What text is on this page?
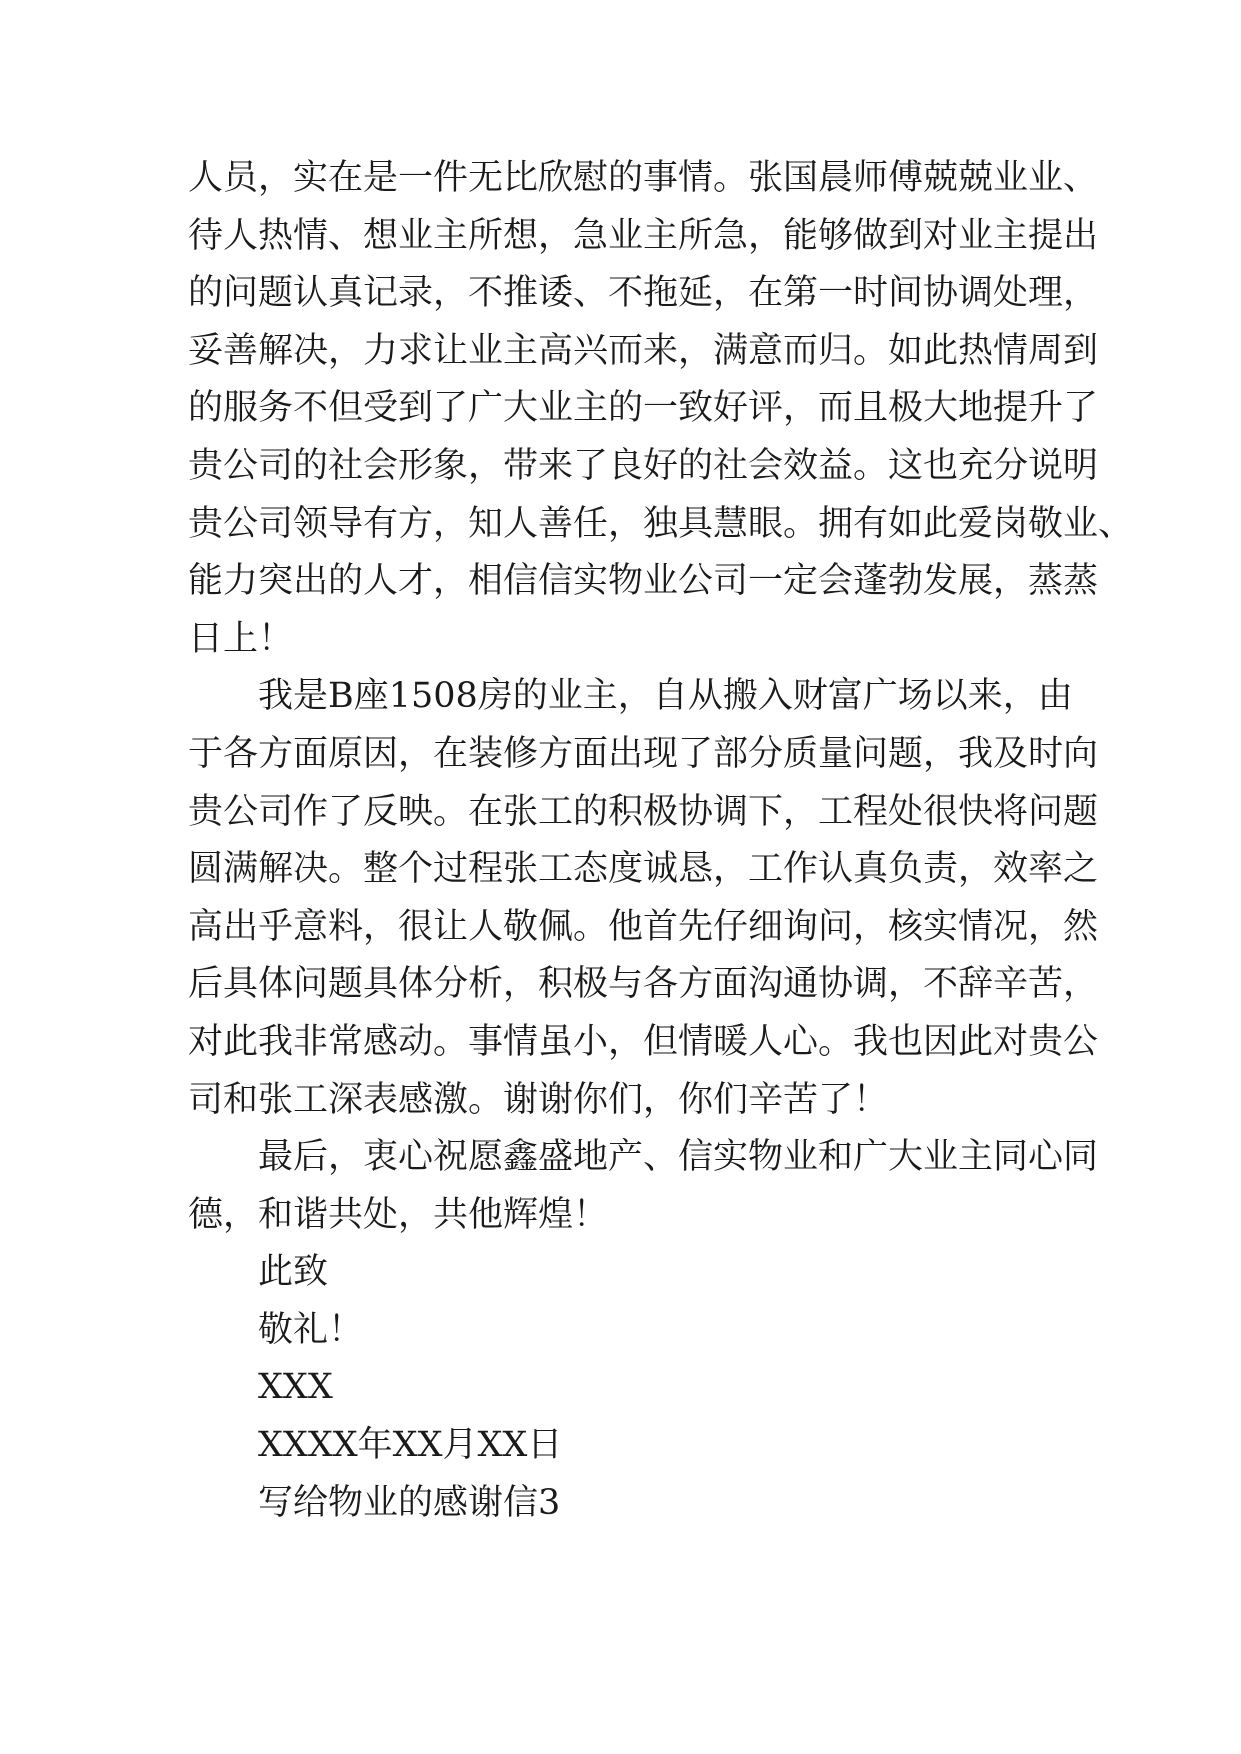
人员，实在是一件无比欣慰的事情。张国晨师傅兢兢业业、
待人热情、想业主所想，急业主所急，能够做到对业主提出
的问题认真记录，不推诿、不拖延，在第一时间协调处理，
妥善解决，力求让业主高兴而来，满意而归。如此热情周到
的服务不但受到了广大业主的一致好评，而且极大地提升了
贵公司的社会形象，带来了良好的社会效益。这也充分说明
贵公司领导有方，知人善任，独具慧眼。拥有如此爱岗敬业、
能力突出的人才，相信信实物业公司一定会蓬勃发展，蒸蒸
日上！
我是B座1508房的业主，自从搬入财富广场以来，由
于各方面原因，在装修方面出现了部分质量问题，我及时向
贵公司作了反映。在张工的积极协调下，工程处很快将问题
圆满解决。整个过程张工态度诚恳，工作认真负责，效率之
高出乎意料，很让人敬佩。他首先仔细询问，核实情况，然
后具体问题具体分析，积极与各方面沟通协调，不辞辛苦，
对此我非常感动。事情虽小，但情暖人心。我也因此对贵公
司和张工深表感激。谢谢你们，你们辛苦了！
最后，衷心祝愿鑫盛地产、信实物业和广大业主同心同
德，和谐共处，共他辉煌！
此致
敬礼！
XXX
XXXX年XX月XX日
写给物业的感谢信3
